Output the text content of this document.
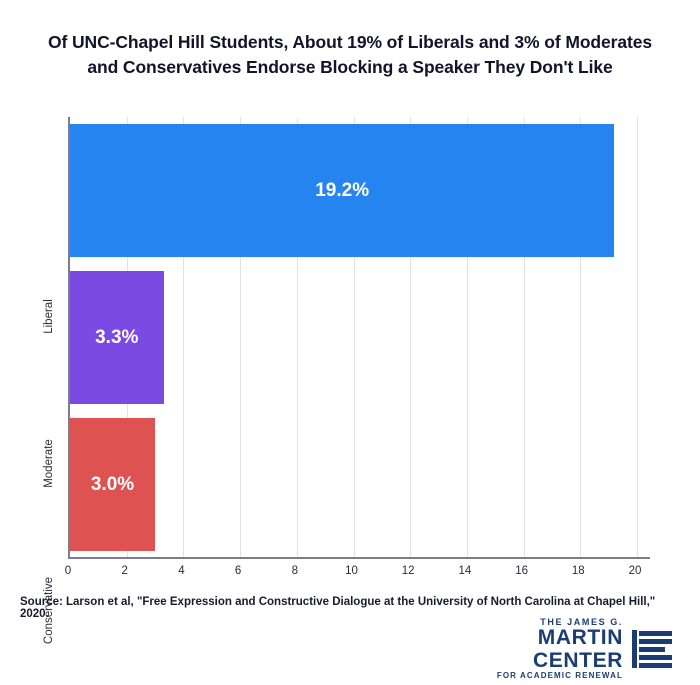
Of UNC-Chapel Hill Students, About 19% of Liberals and 3% of Moderates
and Conservatives Endorse Blocking a Speaker They Don't Like
Liberal
Moderate
Conservative
19.2%
3.3%
3.0%
0	2	4	6	8	10	12	14	16	18	20
Source: Larson et al, "Free Expression and Constructive Dialogue at the University of North Carolina at Chapel Hill," 2020.
THE JAMES G.
MARTIN CENTER
FOR ACADEMIC RENEWAL
